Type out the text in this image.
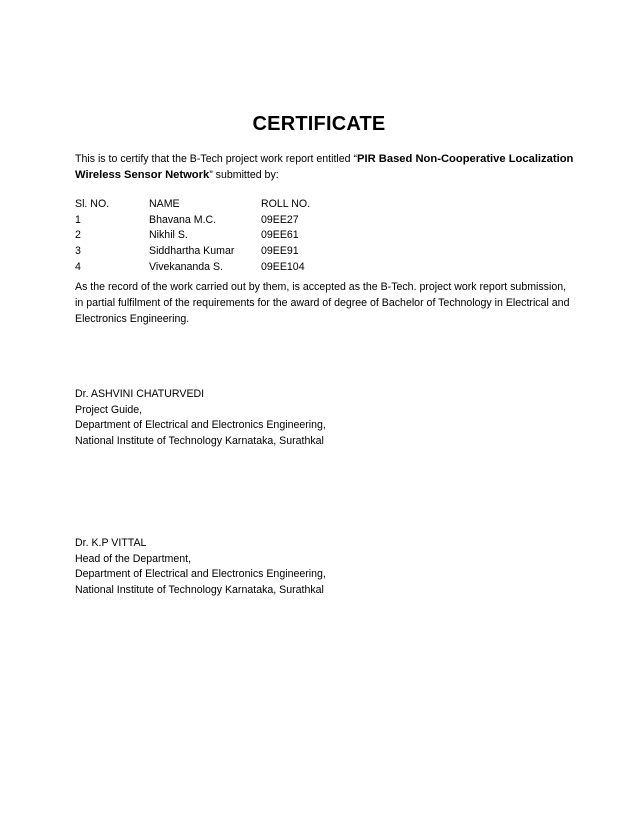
CERTIFICATE
This is to certify that the B-Tech project work report entitled “PIR Based Non-Cooperative Localization Wireless Sensor Network” submitted by:
Sl. NO.	NAME	ROLL NO.
1	Bhavana M.C.	09EE27
2	Nikhil S.	09EE61
3	Siddhartha Kumar	09EE91
4	Vivekananda S.	09EE104
As the record of the work carried out by them, is accepted as the B-Tech. project work report submission, in partial fulfilment of the requirements for the award of degree of Bachelor of Technology in Electrical and Electronics Engineering.
Dr. ASHVINI CHATURVEDI
Project Guide,
Department of Electrical and Electronics Engineering,
National Institute of Technology Karnataka, Surathkal
Dr. K.P VITTAL
Head of the Department,
Department of Electrical and Electronics Engineering,
National Institute of Technology Karnataka, Surathkal
